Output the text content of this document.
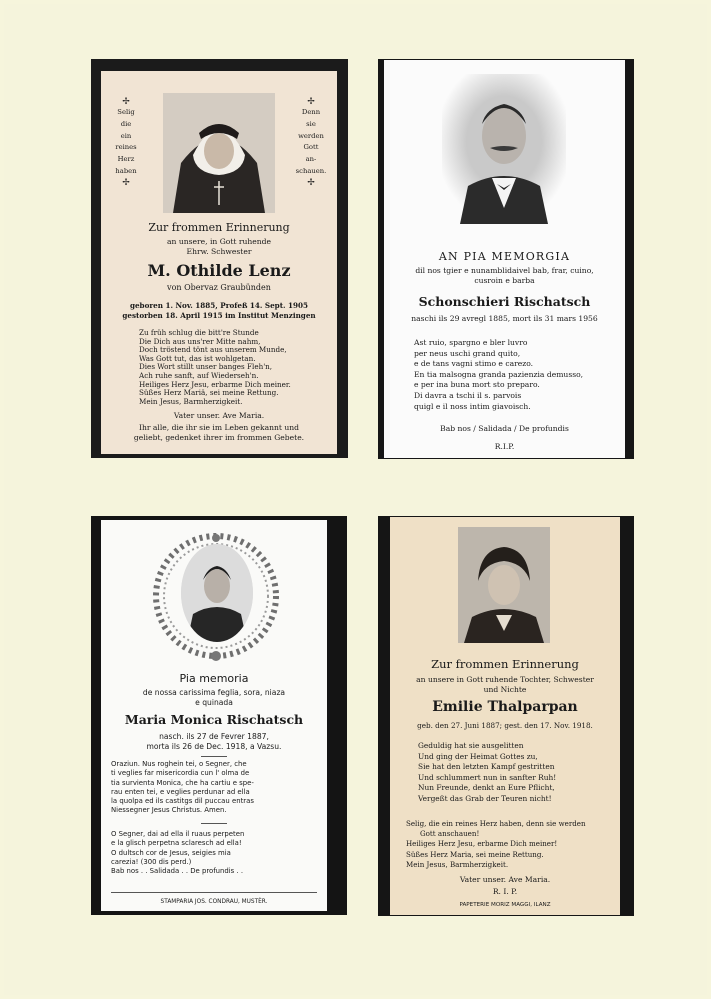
✢
Selig
die
ein
reines
Herz
haben
✢
✢
Denn
sie
werden
Gott
an-
schauen.
✢
Zur frommen Erinnerung
an unsere, in Gott ruhende
Ehrw. Schwester
M. Othilde Lenz
von Obervaz Graubünden
geboren 1. Nov. 1885, Profeß 14. Sept. 1905
gestorben 18. April 1915 im Institut Menzingen
Zu früh schlug die bitt're Stunde
Die Dich aus uns'rer Mitte nahm,
Doch tröstend tönt aus unserem Munde,
Was Gott tut, das ist wohlgetan.
Dies Wort stillt unser banges Fleh'n,
Ach ruhe sanft, auf Wiederseh'n.
Heiliges Herz Jesu, erbarme Dich meiner.
Süßes Herz Mariä, sei meine Rettung.
Mein Jesus, Barmherzigkeit.
Vater unser. Ave Maria.
Ihr alle, die ihr sie im Leben gekannt und
geliebt, gedenket ihrer im frommen Gebete.
AN PIA MEMORGIA
dil nos tgier e nunamblidaivel bab, frar, cuino,
cusroin e barba
Schonschieri Rischatsch
naschi ils 29 avregl 1885, mort ils 31 mars 1956
Ast ruio, spargno e bler luvro
per neus uschi grand quito,
e de tans vagni stimo e carezo.
En tia malsogna granda pazienzia demusso,
e per ina buna mort sto preparo.
Di davra a tschi il s. parvois
quigl e il noss intim giavoisch.
Bab nos / Salidada / De profundis
R.I.P.
Pia memoria
de nossa carissima feglia, sora, niaza
e quinada
Maria Monica Rischatsch
nasch. ils 27 de Fevrer 1887,
morta ils 26 de Dec. 1918, a Vazsu.
Oraziun. Nus roghein tei, o Segner, che
ti veglies far misericordia cun l' olma de
tia survienta Monica, che ha cartiu e spe-
rau enten tei, e veglies perdunar ad ella
la quolpa ed ils castitgs dil puccau entras
Niessegner Jesus Christus. Amen.
O Segner, dai ad ella il ruaus perpeten
e la glisch perpetna sclaresch ad ella!
O dultsch cor de Jesus, seigies mia
carezia! (300 dis perd.)
Bab nos . . Salidada . . De profundis . .
STAMPARIA JOS. CONDRAU, MUSTÈR.
Zur frommen Erinnerung
an unsere in Gott ruhende Tochter, Schwester
und Nichte
Emilie Thalparpan
geb. den 27. Juni 1887; gest. den 17. Nov. 1918.
Geduldig hat sie ausgelitten
Und ging der Heimat Gottes zu,
Sie hat den letzten Kampf gestritten
Und schlummert nun in sanfter Ruh!
Nun Freunde, denkt an Eure Pflicht,
Vergeßt das Grab der Teuren nicht!
Selig, die ein reines Herz haben, denn sie werden
Gott anschauen!
Heiliges Herz Jesu, erbarme Dich meiner!
Süßes Herz Maria, sei meine Rettung.
Mein Jesus, Barmherzigkeit.
Vater unser. Ave Maria.
R. I. P.
PAPETERIE MORIZ MAGGI, ILANZ
